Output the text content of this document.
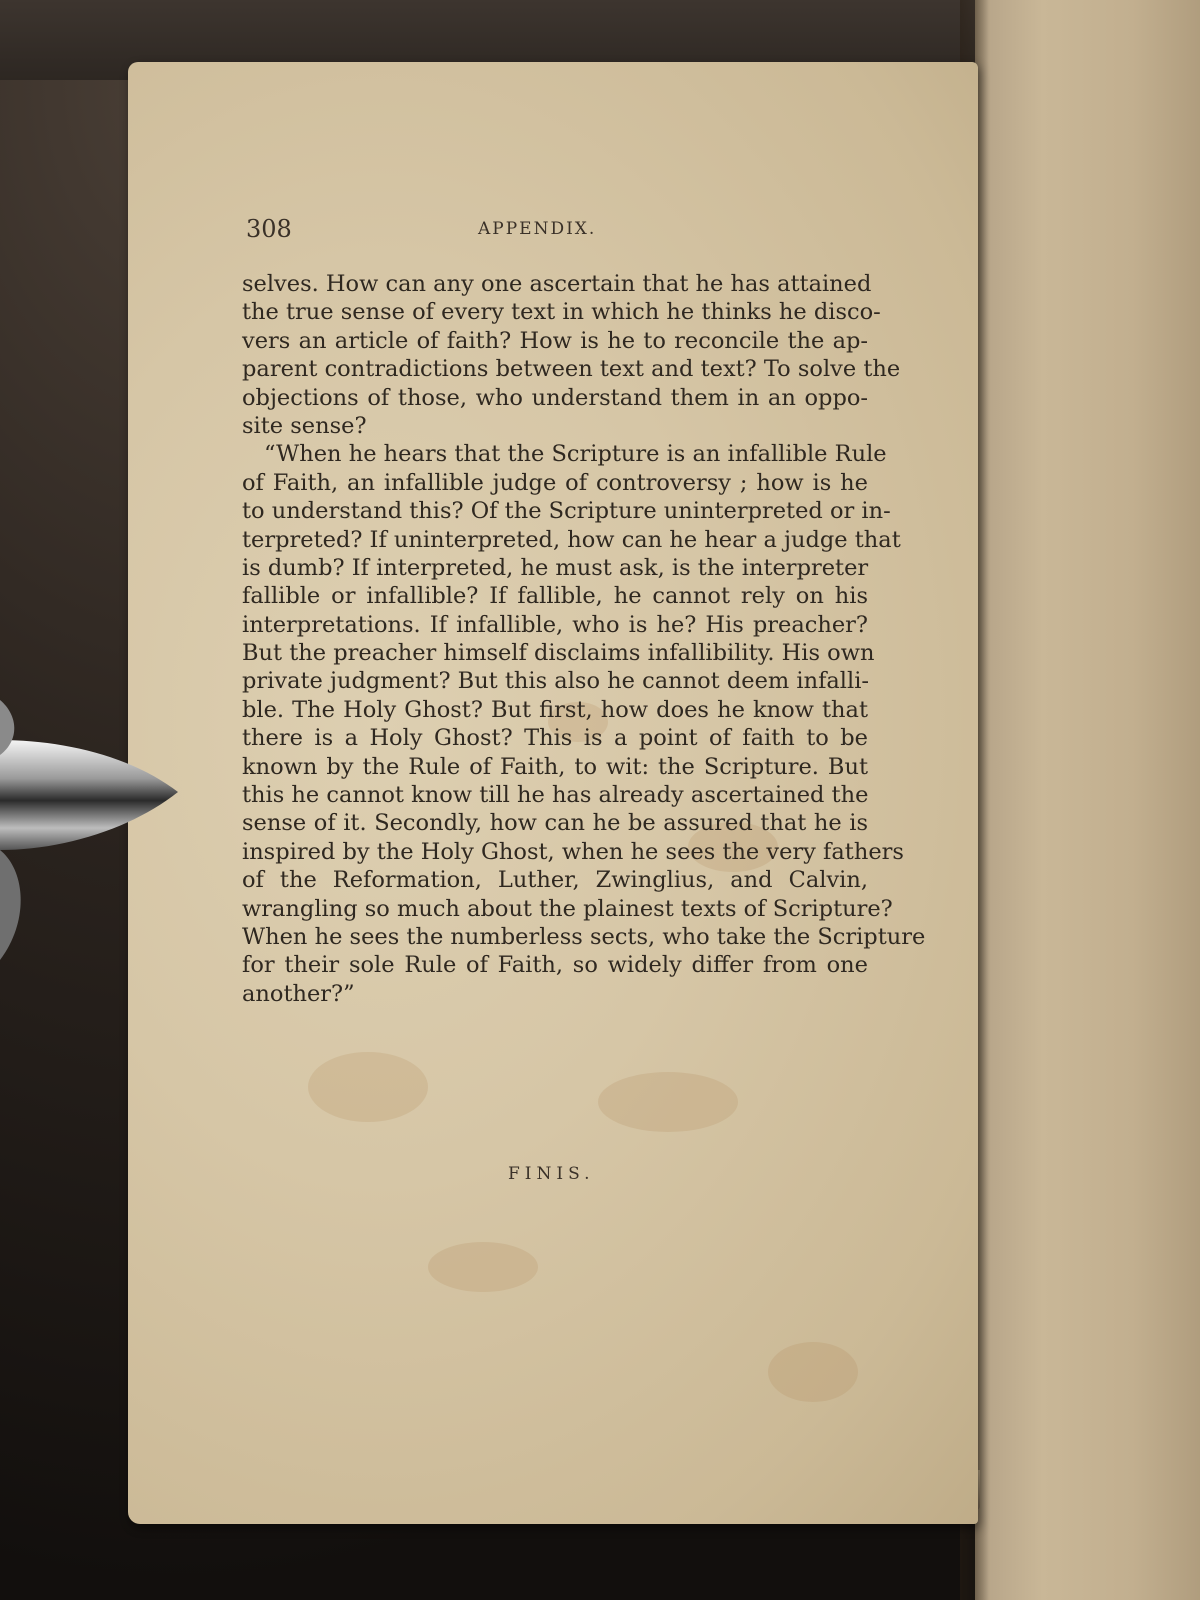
308	APPENDIX.
selves. How can any one ascertain that he has attained
the true sense of every text in which he thinks he disco-
vers an article of faith? How is he to reconcile the ap-
parent contradictions between text and text? To solve the
objections of those, who understand them in an oppo-
site sense?
“When he hears that the Scripture is an infallible Rule
of Faith, an infallible judge of controversy ; how is he
to understand this? Of the Scripture uninterpreted or in-
terpreted? If uninterpreted, how can he hear a judge that
is dumb? If interpreted, he must ask, is the interpreter
fallible or infallible? If fallible, he cannot rely on his
interpretations. If infallible, who is he? His preacher?
But the preacher himself disclaims infallibility. His own
private judgment? But this also he cannot deem infalli-
ble. The Holy Ghost? But first, how does he know that
there is a Holy Ghost? This is a point of faith to be
known by the Rule of Faith, to wit: the Scripture. But
this he cannot know till he has already ascertained the
sense of it. Secondly, how can he be assured that he is
inspired by the Holy Ghost, when he sees the very fathers
of the Reformation, Luther, Zwinglius, and Calvin,
wrangling so much about the plainest texts of Scripture?
When he sees the numberless sects, who take the Scripture
for their sole Rule of Faith, so widely differ from one
another?”
FINIS.
